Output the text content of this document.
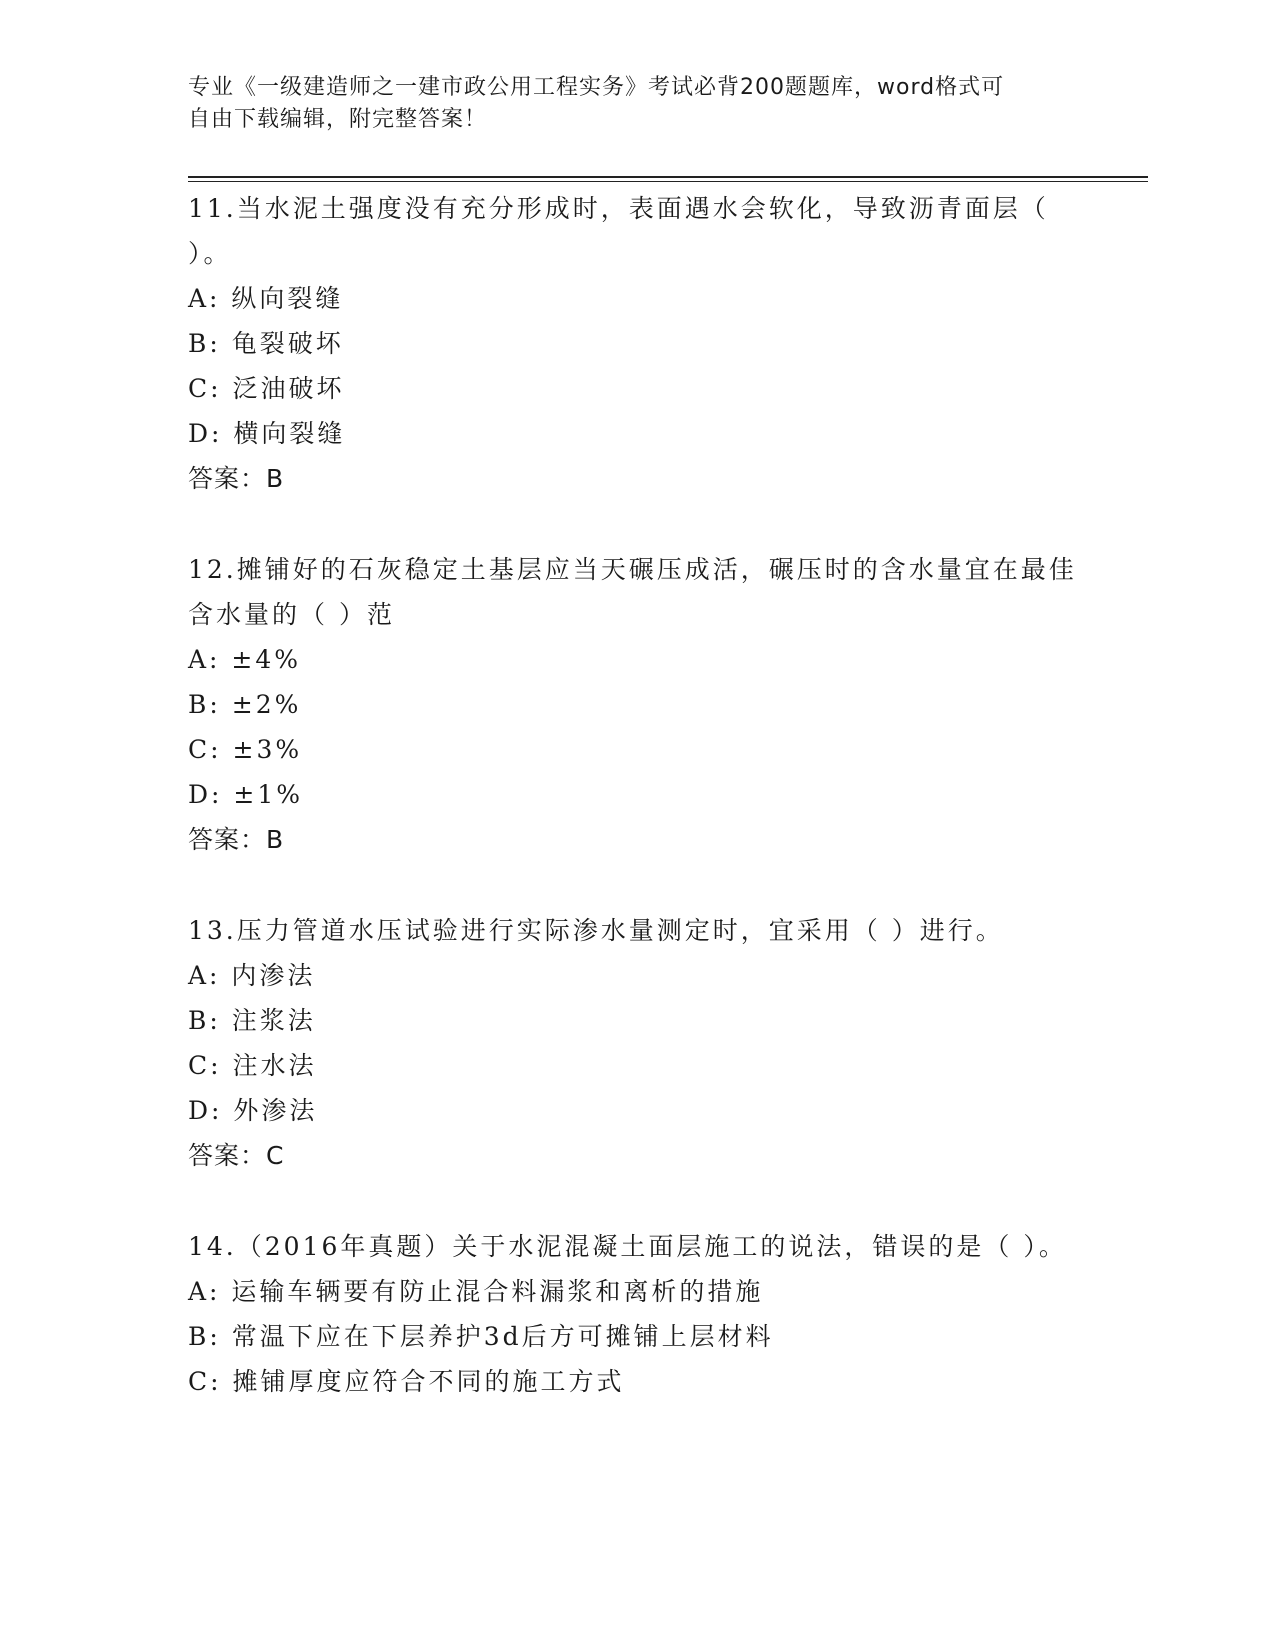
专业《一级建造师之一建市政公用工程实务》考试必背200题题库，word格式可
自由下载编辑，附完整答案！

11.当水泥土强度没有充分形成时，表面遇水会软化，导致沥青面层（ ）。

A: 纵向裂缝

B: 龟裂破坏

C: 泛油破坏

D: 横向裂缝

答案：B

12.摊铺好的石灰稳定土基层应当天碾压成活，碾压时的含水量宜在最佳含水量的（ ）范

A: ±4%

B: ±2%

C: ±3%

D: ±1%

答案：B

13.压力管道水压试验进行实际渗水量测定时，宜采用（ ）进行。

A: 内渗法

B: 注浆法

C: 注水法

D: 外渗法

答案：C

14.（2016年真题）关于水泥混凝土面层施工的说法，错误的是（ ）。

A: 运输车辆要有防止混合料漏浆和离析的措施

B: 常温下应在下层养护3d后方可摊铺上层材料

C: 摊铺厚度应符合不同的施工方式
